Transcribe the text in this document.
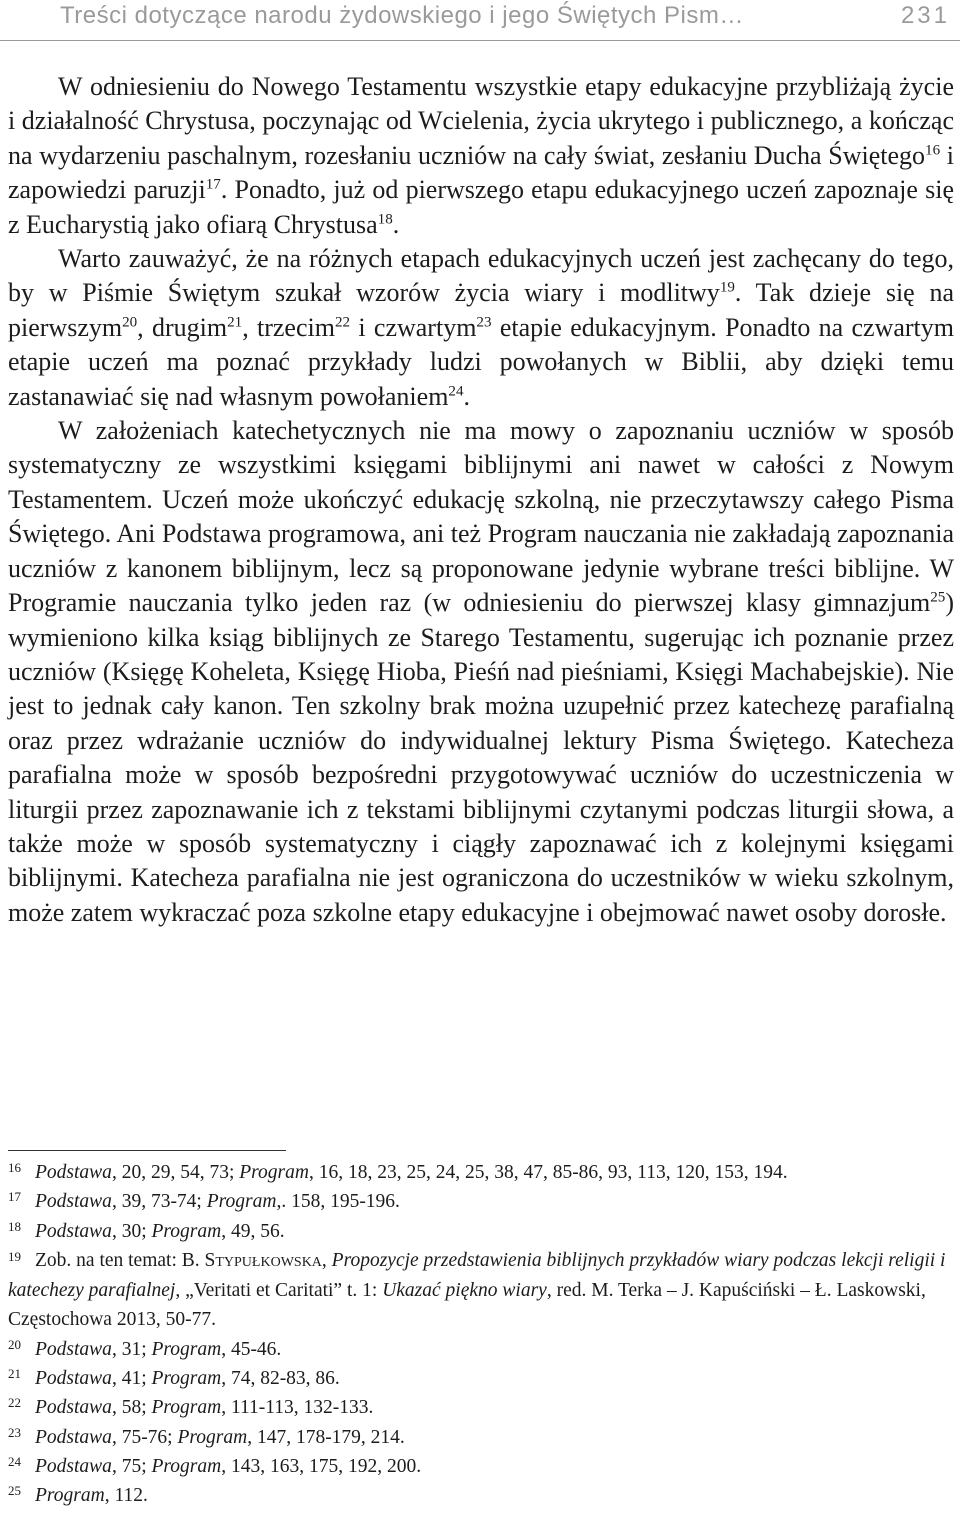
Treści dotyczące narodu żydowskiego i jego Świętych Pism…	231

W odniesieniu do Nowego Testamentu wszystkie etapy edukacyjne przybliżają życie i działalność Chrystusa, poczynając od Wcielenia, życia ukrytego i publicznego, a kończąc na wydarzeniu paschalnym, rozesłaniu uczniów na cały świat, zesłaniu Ducha Świętego$^{16}$ i zapowiedzi paruzji$^{17}$. Ponadto, już od pierwszego etapu edukacyjnego uczeń zapoznaje się z Eucharystią jako ofiarą Chrystusa$^{18}$.

Warto zauważyć, że na różnych etapach edukacyjnych uczeń jest zachęcany do tego, by w Piśmie Świętym szukał wzorów życia wiary i modlitwy$^{19}$. Tak dzieje się na pierwszym$^{20}$, drugim$^{21}$, trzecim$^{22}$ i czwartym$^{23}$ etapie edukacyjnym. Ponadto na czwartym etapie uczeń ma poznać przykłady ludzi powołanych w Biblii, aby dzięki temu zastanawiać się nad własnym powołaniem$^{24}$.

W założeniach katechetycznych nie ma mowy o zapoznaniu uczniów w sposób systematyczny ze wszystkimi księgami biblijnymi ani nawet w całości z Nowym Testamentem. Uczeń może ukończyć edukację szkolną, nie przeczytawszy całego Pisma Świętego. Ani Podstawa programowa, ani też Program nauczania nie zakładają zapoznania uczniów z kanonem biblijnym, lecz są proponowane jedynie wybrane treści biblijne. W Programie nauczania tylko jeden raz (w odniesieniu do pierwszej klasy gimnazjum$^{25}$) wymieniono kilka ksiąg biblijnych ze Starego Testamentu, sugerując ich poznanie przez uczniów (Księgę Koheleta, Księgę Hioba, Pieśń nad pieśniami, Księgi Machabejskie). Nie jest to jednak cały kanon. Ten szkolny brak można uzupełnić przez katechezę parafialną oraz przez wdrażanie uczniów do indywidualnej lektury Pisma Świętego. Katecheza parafialna może w sposób bezpośredni przygotowywać uczniów do uczestniczenia w liturgii przez zapoznawanie ich z tekstami biblijnymi czytanymi podczas liturgii słowa, a także może w sposób systematyczny i ciągły zapoznawać ich z kolejnymi księgami biblijnymi. Katecheza parafialna nie jest ograniczona do uczestników w wieku szkolnym, może zatem wykraczać poza szkolne etapy edukacyjne i obejmować nawet osoby dorosłe.

16 Podstawa, 20, 29, 54, 73; Program, 16, 18, 23, 25, 24, 25, 38, 47, 85-86, 93, 113, 120, 153, 194.
17 Podstawa, 39, 73-74; Program,. 158, 195-196.
18 Podstawa, 30; Program, 49, 56.
19 Zob. na ten temat: B. Stypułkowska, Propozycje przedstawienia biblijnych przykładów wiary podczas lekcji religii i katechezy parafialnej, „Veritati et Caritati” t. 1: Ukazać piękno wiary, red. M. Terka – J. Kapuściński – Ł. Laskowski, Częstochowa 2013, 50-77.
20 Podstawa, 31; Program, 45-46.
21 Podstawa, 41; Program, 74, 82-83, 86.
22 Podstawa, 58; Program, 111-113, 132-133.
23 Podstawa, 75-76; Program, 147, 178-179, 214.
24 Podstawa, 75; Program, 143, 163, 175, 192, 200.
25 Program, 112.
